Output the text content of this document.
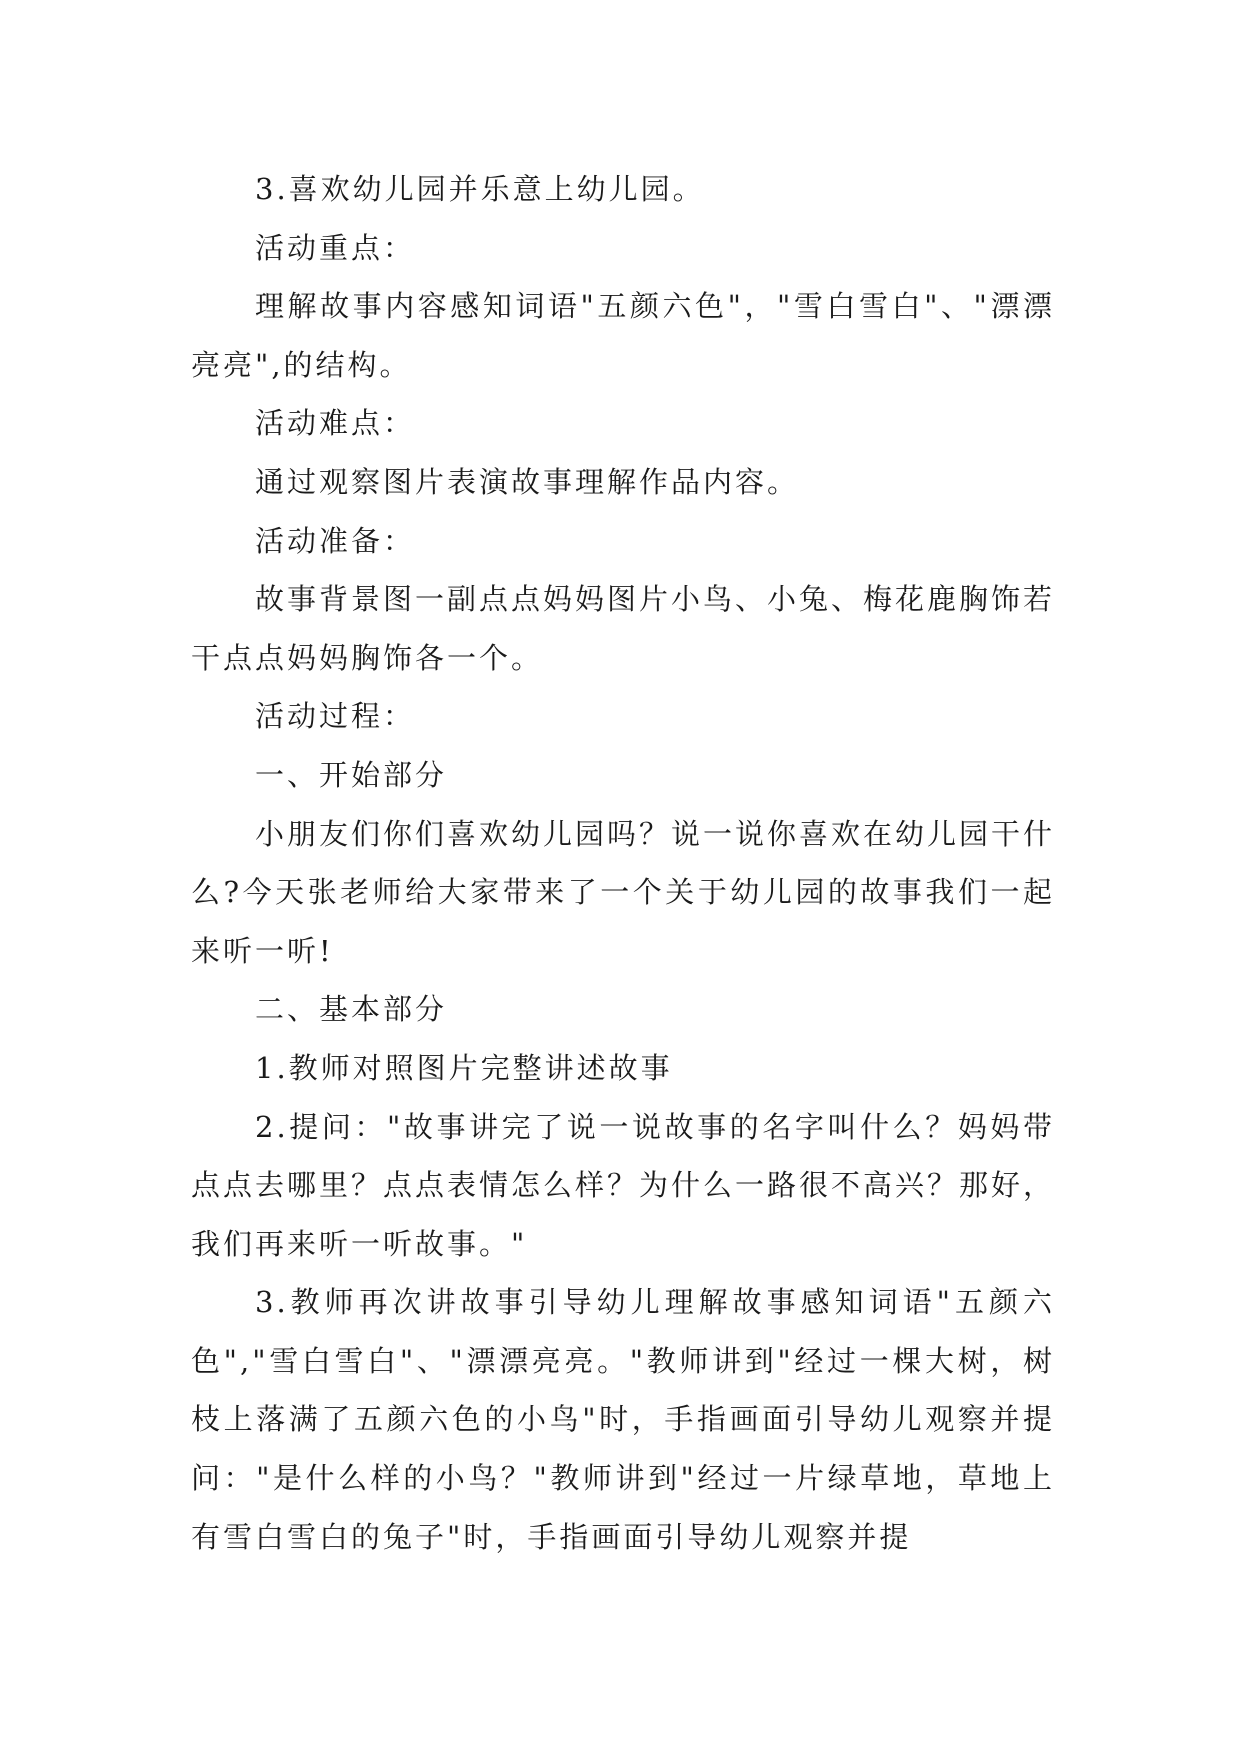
3.喜欢幼儿园并乐意上幼儿园。

活动重点：

理解故事内容感知词语"五颜六色"，"雪白雪白"、"漂漂亮亮",的结构。

活动难点：

通过观察图片表演故事理解作品内容。

活动准备：

故事背景图一副点点妈妈图片小鸟、小兔、梅花鹿胸饰若干点点妈妈胸饰各一个。

活动过程：

一、开始部分

小朋友们你们喜欢幼儿园吗？说一说你喜欢在幼儿园干什么?今天张老师给大家带来了一个关于幼儿园的故事我们一起来听一听!

二、基本部分

1.教师对照图片完整讲述故事

2.提问："故事讲完了说一说故事的名字叫什么？妈妈带点点去哪里？点点表情怎么样？为什么一路很不高兴？那好，我们再来听一听故事。"

3.教师再次讲故事引导幼儿理解故事感知词语"五颜六色","雪白雪白"、"漂漂亮亮。"教师讲到"经过一棵大树，树枝上落满了五颜六色的小鸟"时，手指画面引导幼儿观察并提问："是什么样的小鸟？"教师讲到"经过一片绿草地，草地上有雪白雪白的兔子"时，手指画面引导幼儿观察并提
